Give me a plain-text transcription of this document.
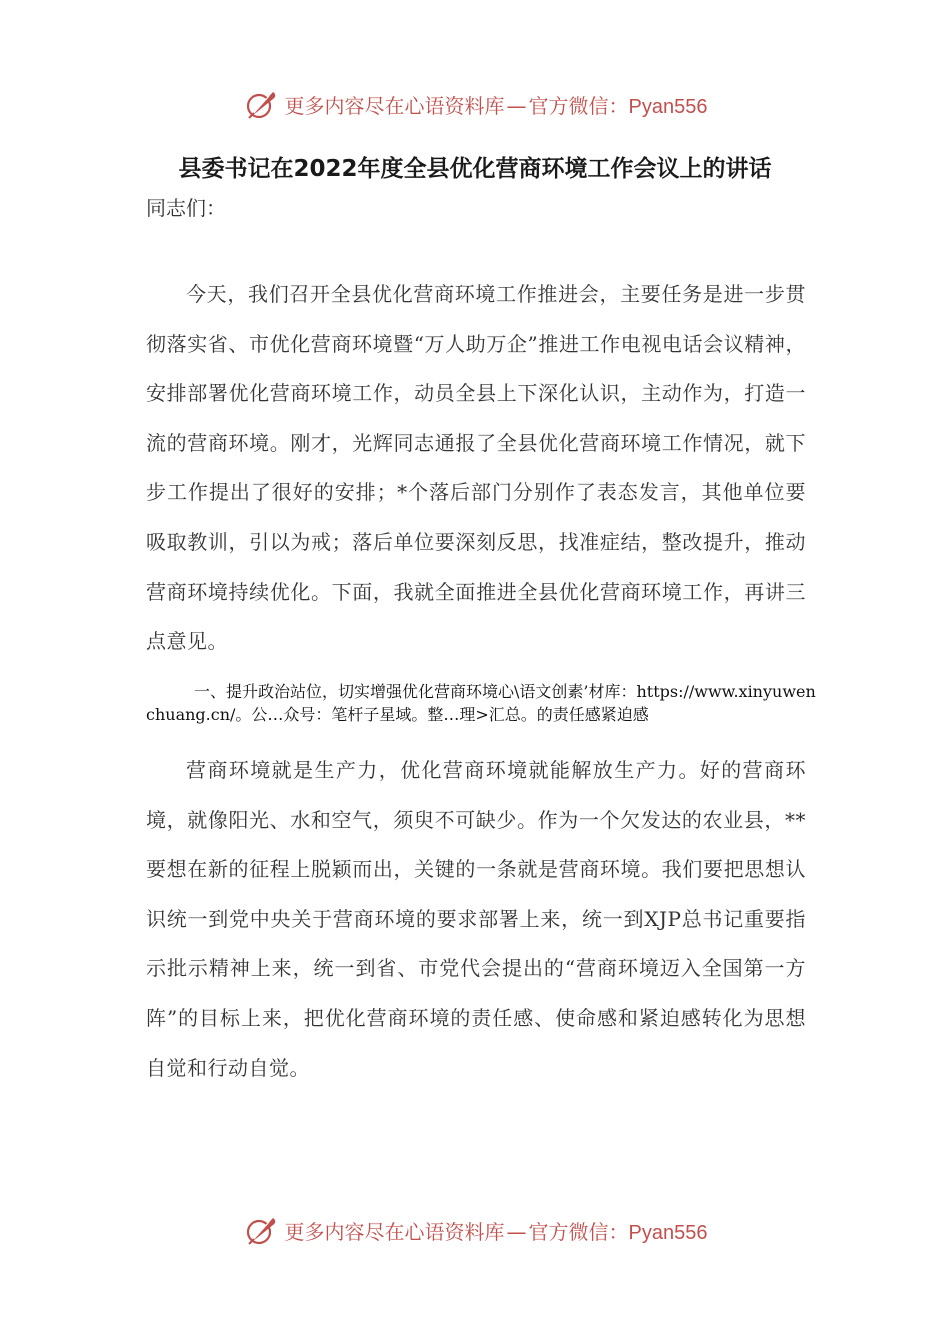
更多内容尽在心语资料库 — 官方微信：Pyan556
县委书记在2022年度全县优化营商环境工作会议上的讲话
同志们：

今天，我们召开全县优化营商环境工作推进会，主要任务是进一步贯彻落实省、市优化营商环境暨“万人助万企”推进工作电视电话会议精神，安排部署优化营商环境工作，动员全县上下深化认识，主动作为，打造一流的营商环境。刚才，光辉同志通报了全县优化营商环境工作情况，就下步工作提出了很好的安排；*个落后部门分别作了表态发言，其他单位要吸取教训，引以为戒；落后单位要深刻反思，找准症结，整改提升，推动营商环境持续优化。下面，我就全面推进全县优化营商环境工作，再讲三点意见。

一、提升政治站位，切实增强优化营商环境心\语文创素’材库：https://www.xinyuwenchuang.cn/。公…众号：笔杆子星域。整…理>汇总。的责任感紧迫感

营商环境就是生产力，优化营商环境就能解放生产力。好的营商环境，就像阳光、水和空气，须臾不可缺少。作为一个欠发达的农业县，**要想在新的征程上脱颖而出，关键的一条就是营商环境。我们要把思想认识统一到党中央关于营商环境的要求部署上来，统一到XJP总书记重要指示批示精神上来，统一到省、市党代会提出的“营商环境迈入全国第一方阵”的目标上来，把优化营商环境的责任感、使命感和紧迫感转化为思想自觉和行动自觉。

更多内容尽在心语资料库 — 官方微信：Pyan556
